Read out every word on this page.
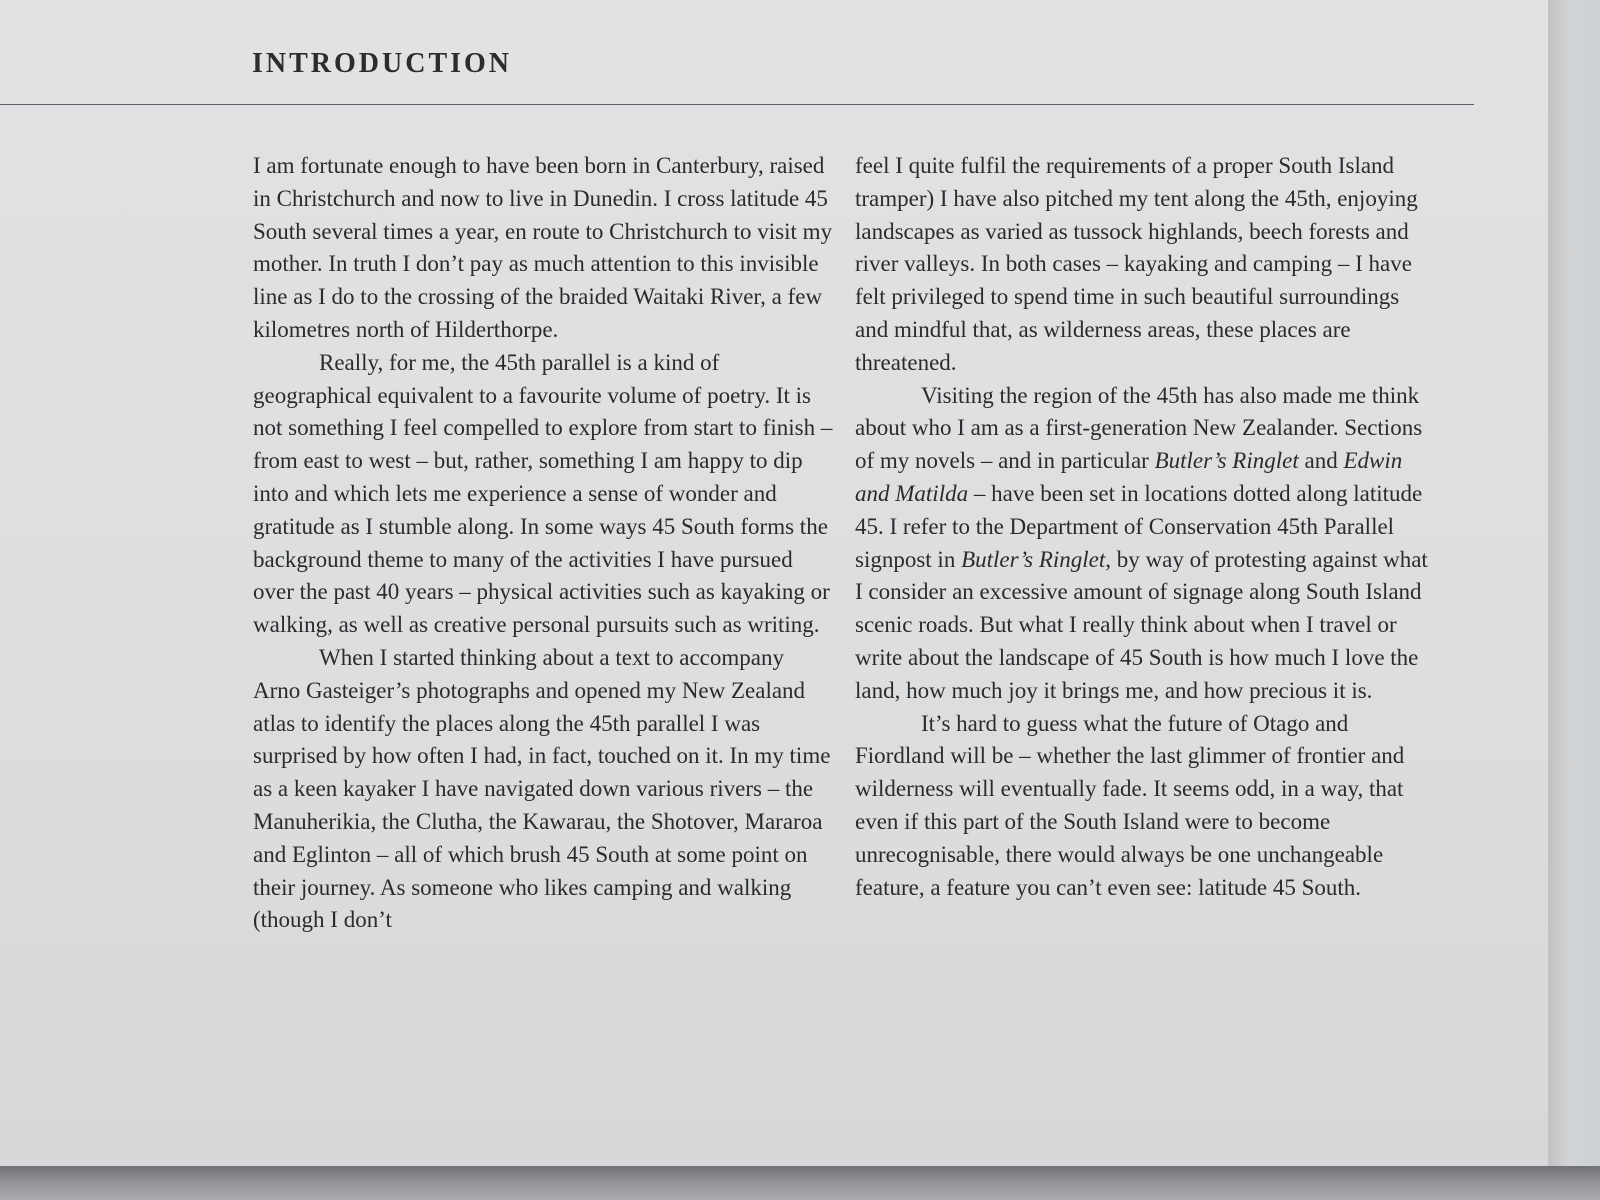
INTRODUCTION

I am fortunate enough to have been born in Canterbury, raised in Christchurch and now to live in Dunedin. I cross latitude 45 South several times a year, en route to Christchurch to visit my mother. In truth I don’t pay as much attention to this invisible line as I do to the crossing of the braided Waitaki River, a few kilometres north of Hilderthorpe.

Really, for me, the 45th parallel is a kind of geographical equivalent to a favourite volume of poetry. It is not something I feel compelled to explore from start to finish – from east to west – but, rather, something I am happy to dip into and which lets me experience a sense of wonder and gratitude as I stumble along. In some ways 45 South forms the background theme to many of the activities I have pursued over the past 40 years – physical activities such as kayaking or walking, as well as creative personal pursuits such as writing.

When I started thinking about a text to accompany Arno Gasteiger’s photographs and opened my New Zealand atlas to identify the places along the 45th parallel I was surprised by how often I had, in fact, touched on it. In my time as a keen kayaker I have navigated down various rivers – the Manuherikia, the Clutha, the Kawarau, the Shotover, Mararoa and Eglinton – all of which brush 45 South at some point on their journey. As someone who likes camping and walking (though I don’t

feel I quite fulfil the requirements of a proper South Island tramper) I have also pitched my tent along the 45th, enjoying landscapes as varied as tussock highlands, beech forests and river valleys. In both cases – kayaking and camping – I have felt privileged to spend time in such beautiful surroundings and mindful that, as wilderness areas, these places are threatened.

Visiting the region of the 45th has also made me think about who I am as a first-generation New Zealander. Sections of my novels – and in particular Butler’s Ringlet and Edwin and Matilda – have been set in locations dotted along latitude 45. I refer to the Department of Conservation 45th Parallel signpost in Butler’s Ringlet, by way of protesting against what I consider an excessive amount of signage along South Island scenic roads. But what I really think about when I travel or write about the landscape of 45 South is how much I love the land, how much joy it brings me, and how precious it is.

It’s hard to guess what the future of Otago and Fiordland will be – whether the last glimmer of frontier and wilderness will eventually fade. It seems odd, in a way, that even if this part of the South Island were to become unrecognisable, there would always be one unchangeable feature, a feature you can’t even see: latitude 45 South.
